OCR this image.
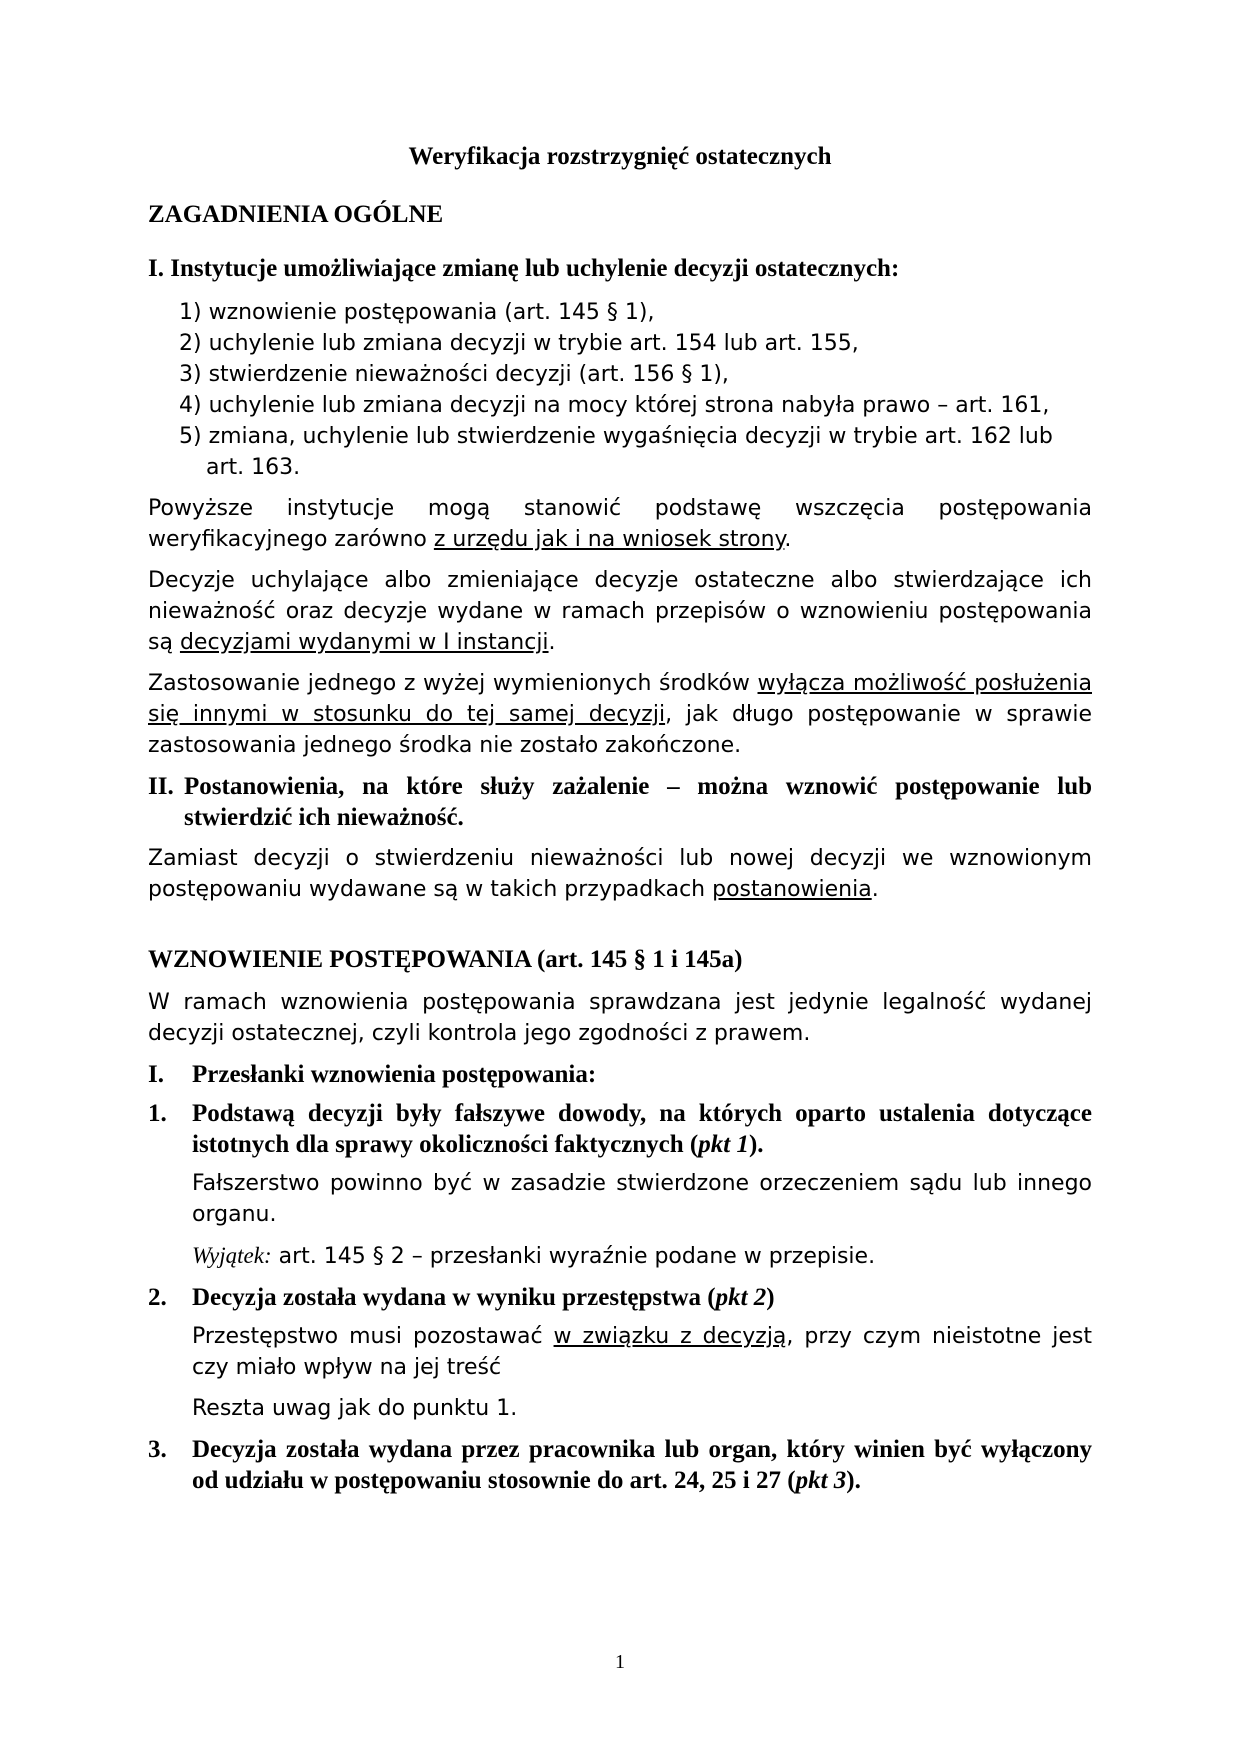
Weryfikacja rozstrzygnięć ostatecznych
ZAGADNIENIA OGÓLNE
I. Instytucje umożliwiające zmianę lub uchylenie decyzji ostatecznych:
1) wznowienie postępowania (art. 145 § 1),
2) uchylenie lub zmiana decyzji w trybie art. 154 lub art. 155,
3) stwierdzenie nieważności decyzji (art. 156 § 1),
4) uchylenie lub zmiana decyzji na mocy której strona nabyła prawo – art. 161,
5) zmiana, uchylenie lub stwierdzenie wygaśnięcia decyzji w trybie art. 162 lub art. 163.

Powyższe instytucje mogą stanowić podstawę wszczęcia postępowania weryfikacyjnego zarówno z urzędu jak i na wniosek strony.

Decyzje uchylające albo zmieniające decyzje ostateczne albo stwierdzające ich nieważność oraz decyzje wydane w ramach przepisów o wznowieniu postępowania są decyzjami wydanymi w I instancji.

Zastosowanie jednego z wyżej wymienionych środków wyłącza możliwość posłużenia się innymi w stosunku do tej samej decyzji, jak długo postępowanie w sprawie zastosowania jednego środka nie zostało zakończone.

II. Postanowienia, na które służy zażalenie – można wznowić postępowanie lub stwierdzić ich nieważność.

Zamiast decyzji o stwierdzeniu nieważności lub nowej decyzji we wznowionym postępowaniu wydawane są w takich przypadkach postanowienia.

WZNOWIENIE POSTĘPOWANIA (art. 145 § 1 i 145a)

W ramach wznowienia postępowania sprawdzana jest jedynie legalność wydanej decyzji ostatecznej, czyli kontrola jego zgodności z prawem.

I.	Przesłanki wznowienia postępowania:
1.	Podstawą decyzji były fałszywe dowody, na których oparto ustalenia dotyczące istotnych dla sprawy okoliczności faktycznych (pkt 1).
Fałszerstwo powinno być w zasadzie stwierdzone orzeczeniem sądu lub innego organu.
Wyjątek: art. 145 § 2 – przesłanki wyraźnie podane w przepisie.
2.	Decyzja została wydana w wyniku przestępstwa (pkt 2)
Przestępstwo musi pozostawać w związku z decyzją, przy czym nieistotne jest czy miało wpływ na jej treść
Reszta uwag jak do punktu 1.
3.	Decyzja została wydana przez pracownika lub organ, który winien być wyłączony od udziału w postępowaniu stosownie do art. 24, 25 i 27 (pkt 3).
1
